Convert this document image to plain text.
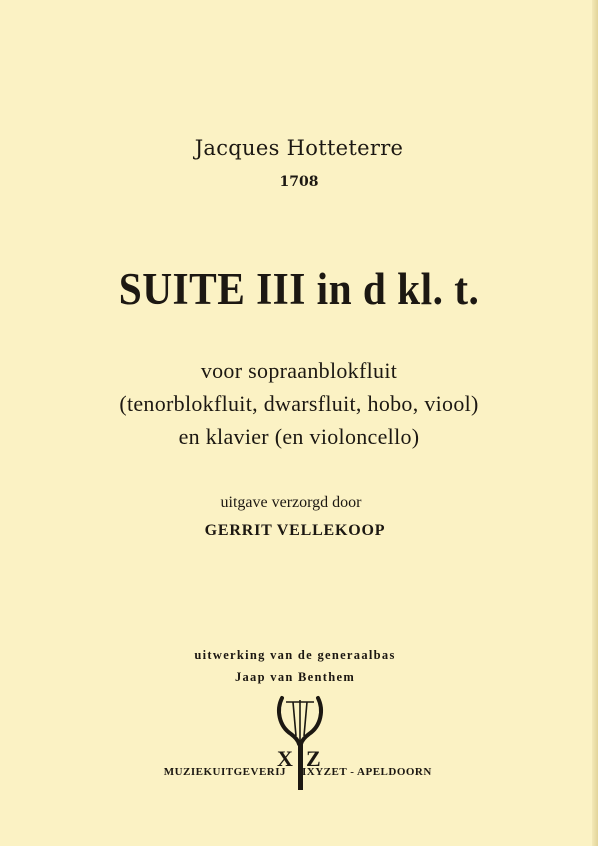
Jacques Hotteterre
1708
SUITE III in d kl. t.
voor sopraanblokfluit
(tenorblokfluit, dwarsfluit, hobo, viool)
en klavier (en violoncello)
uitgave verzorgd door
GERRIT VELLEKOOP
uitwerking van de generaalbas
Jaap van Benthem
X Z
MUZIEKUITGEVERIJ IXYZET - APELDOORN
